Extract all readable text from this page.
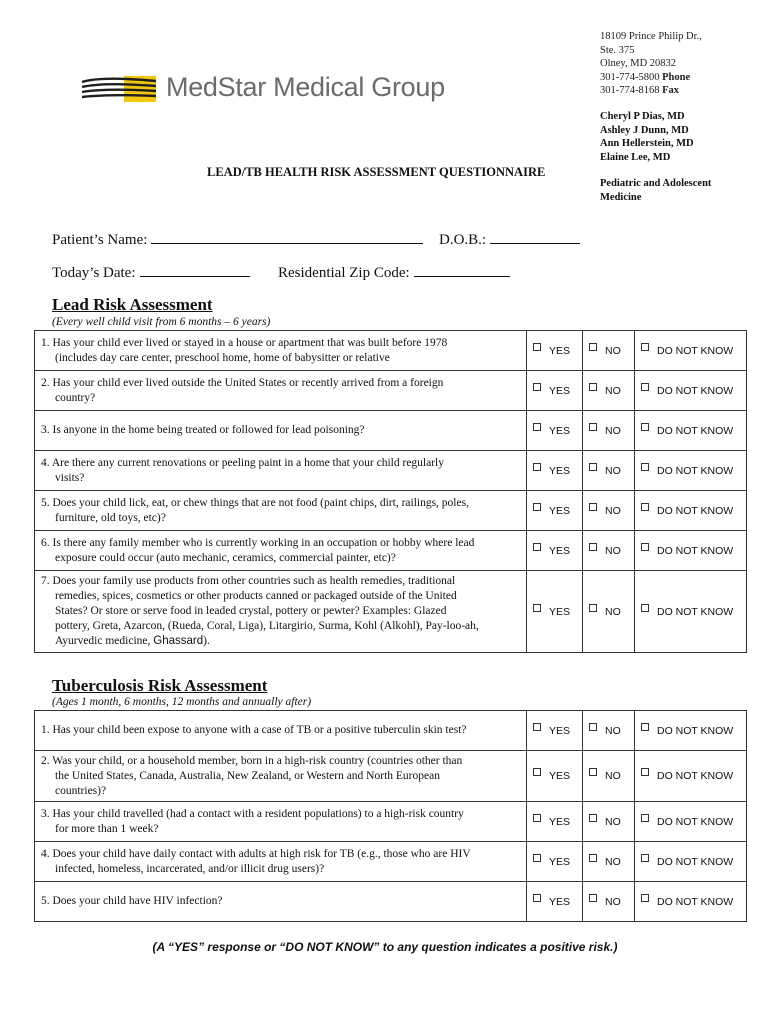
MedStar Medical Group
18109 Prince Philip Dr.,
Ste. 375
Olney, MD 20832
301-774-5800 Phone
301-774-8168 Fax
Cheryl P Dias, MD
Ashley J Dunn, MD
Ann Hellerstein, MD
Elaine Lee, MD
Pediatric and Adolescent Medicine
LEAD/TB HEALTH RISK ASSESSMENT QUESTIONNAIRE
Patient’s Name:	D.O.B.:
Today’s Date:	Residential Zip Code:
Lead Risk Assessment
(Every well child visit from 6 months – 6 years)
1. Has your child ever lived or stayed in a house or apartment that was built before 1978
(includes day care center, preschool home, home of babysitter or relative	YES	NO	DO NOT KNOW

2. Has your child ever lived outside the United States or recently arrived from a foreign
country?	YES	NO	DO NOT KNOW

3. Is anyone in the home being treated or followed for lead poisoning?	YES	NO	DO NOT KNOW

4. Are there any current renovations or peeling paint in a home that your child regularly
visits?	YES	NO	DO NOT KNOW

5. Does your child lick, eat, or chew things that are not food (paint chips, dirt, railings, poles,
furniture, old toys, etc)?	YES	NO	DO NOT KNOW

6. Is there any family member who is currently working in an occupation or hobby where lead
exposure could occur (auto mechanic, ceramics, commercial painter, etc)?	YES	NO	DO NOT KNOW

7. Does your family use products from other countries such as health remedies, traditional
remedies, spices, cosmetics or other products canned or packaged outside of the United
States? Or store or serve food in leaded crystal, pottery or pewter? Examples: Glazed
pottery, Greta, Azarcon, (Rueda, Coral, Liga), Litargirio, Surma, Kohl (Alkohl), Pay-loo-ah,
Ayurvedic medicine, Ghassard).	YES	NO	DO NOT KNOW
Tuberculosis Risk Assessment
(Ages 1 month, 6 months, 12 months and annually after)
1. Has your child been expose to anyone with a case of TB or a positive tuberculin skin test?	YES	NO	DO NOT KNOW

2. Was your child, or a household member, born in a high-risk country (countries other than
the United States, Canada, Australia, New Zealand, or Western and North European
countries)?	YES	NO	DO NOT KNOW

3. Has your child travelled (had a contact with a resident populations) to a high-risk country
for more than 1 week?	YES	NO	DO NOT KNOW

4. Does your child have daily contact with adults at high risk for TB (e.g., those who are HIV
infected, homeless, incarcerated, and/or illicit drug users)?	YES	NO	DO NOT KNOW

5. Does your child have HIV infection?	YES	NO	DO NOT KNOW
(A “YES” response or “DO NOT KNOW” to any question indicates a positive risk.)
